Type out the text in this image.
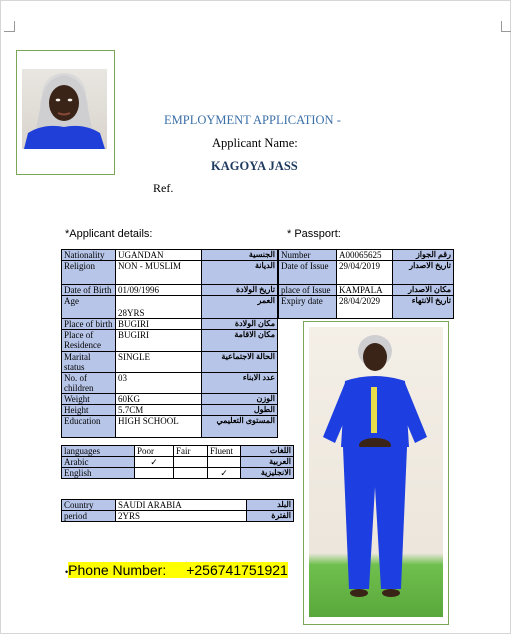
EMPLOYMENT APPLICATION -
Applicant Name:
KAGOYA JASS
Ref.
*Applicant details:	* Passport:
Nationality	UGANDAN	الجنسية
Religion	NON - MUSLIM	الديانة
Date of Birth	01/09/1996	تاريخ الولادة
Age	28YRS	العمر
Place of birth	BUGIRI	مكان الولادة
Place of Residence	BUGIRI	مكان الاقامة
Marital status	SINGLE	الحالة الاجتماعية
No. of children	03	عدد الابناء
Weight	60KG	الوزن
Height	5.7CM	الطول
Education	HIGH SCHOOL	المستوى التعليمي
Number	A00065625	رقم الجواز
Date of Issue	29/04/2019	تاريخ الاصدار
place of Issue	KAMPALA	مكان الاصدار
Expiry date	28/04/2029	تاريخ الانتهاء
languages	Poor	Fair	Fluent	اللغات
Arabic	✓			العربية
English			✓	الانجليزية
Country	SAUDI ARABIA	البلد
period	2YRS	الفترة
•Phone Number: +256741751921
